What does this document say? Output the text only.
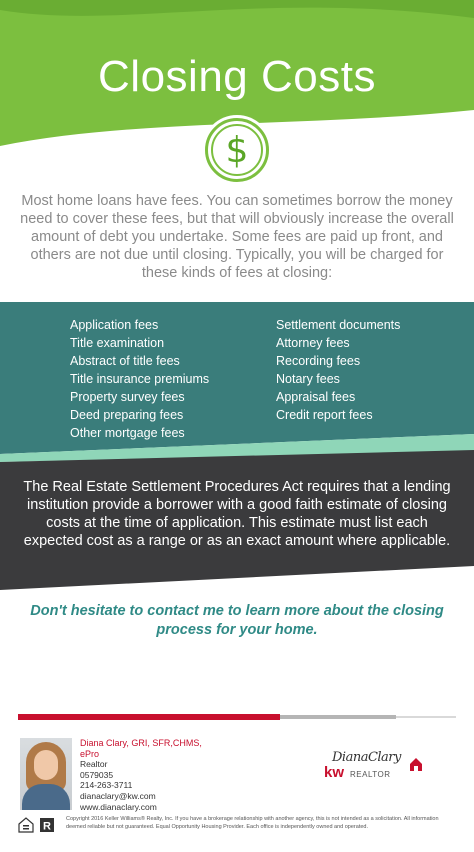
Closing Costs
$

Most home loans have fees. You can sometimes borrow the money need to cover these fees, but that will obviously increase the overall amount of debt you undertake. Some fees are paid up front, and others are not due until closing. Typically, you will be charged for these kinds of fees at closing:

Application fees
Title examination
Abstract of title fees
Title insurance premiums
Property survey fees
Deed preparing fees
Other mortgage fees
Settlement documents
Attorney fees
Recording fees
Notary fees
Appraisal fees
Credit report fees

The Real Estate Settlement Procedures Act requires that a lending institution provide a borrower with a good faith estimate of closing costs at the time of application. This estimate must list each expected cost as a range or as an exact amount where applicable.

Don't hesitate to contact me to learn more about the closing process for your home.

Diana Clary, GRI, SFR,CHMS,
ePro
Realtor
0579035
214-263-3711
dianaclary@kw.com
www.dianaclary.com
DianaClary
kw REALTOR
R

Copyright 2016 Keller Williams® Realty, Inc. If you have a brokerage relationship with another agency, this is not intended as a solicitation. All information deemed reliable but not guaranteed. Equal Opportunity Housing Provider. Each office is independently owned and operated.
